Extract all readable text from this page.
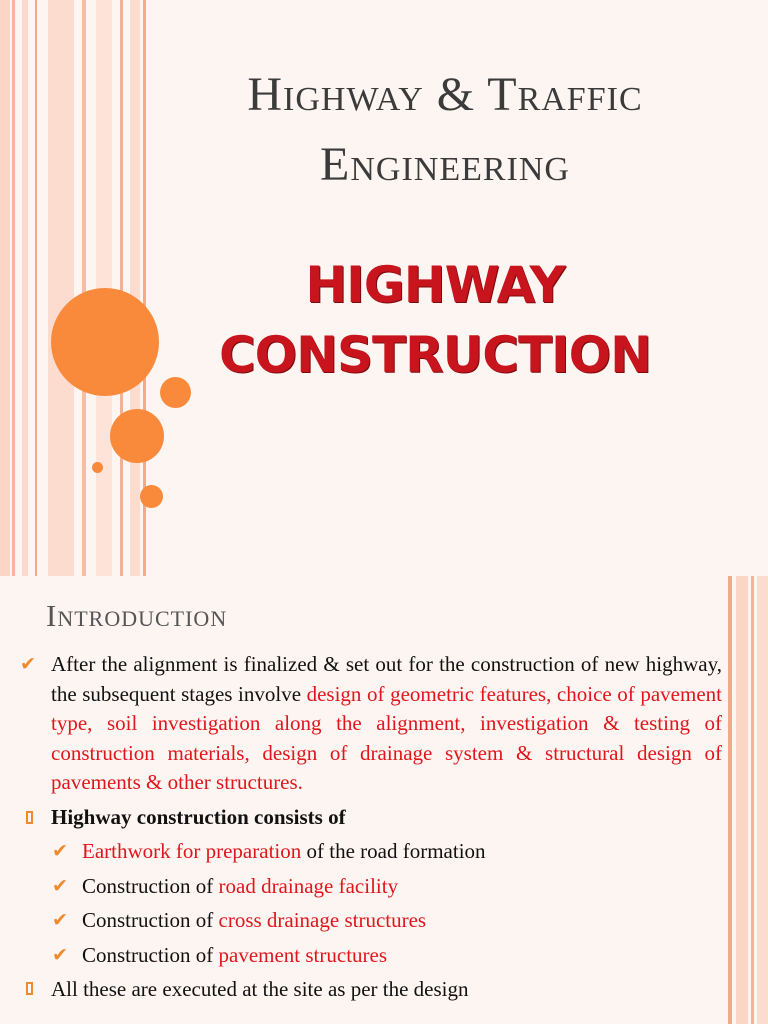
Highway & Traffic
Engineering
HIGHWAY
CONSTRUCTION
Introduction
✔ After the alignment is finalized & set out for the construction of new highway, the subsequent stages involve design of geometric features, choice of pavement type, soil investigation along the alignment, investigation & testing of construction materials, design of drainage system & structural design of pavements & other structures.
Highway construction consists of
✔ Earthwork for preparation of the road formation
✔ Construction of road drainage facility
✔ Construction of cross drainage structures
✔ Construction of pavement structures
All these are executed at the site as per the design
